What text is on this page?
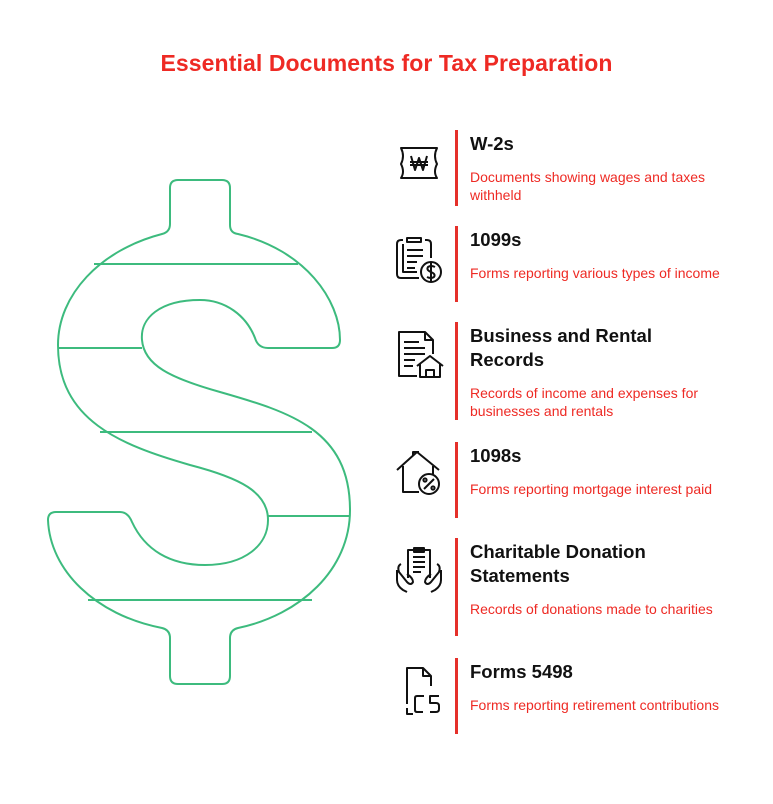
Essential Documents for Tax Preparation
W-2s
Documents showing wages and taxes withheld
1099s
Forms reporting various types of income
Business and Rental Records
Records of income and expenses for businesses and rentals
1098s
Forms reporting mortgage interest paid
Charitable Donation Statements
Records of donations made to charities
Forms 5498
Forms reporting retirement contributions
